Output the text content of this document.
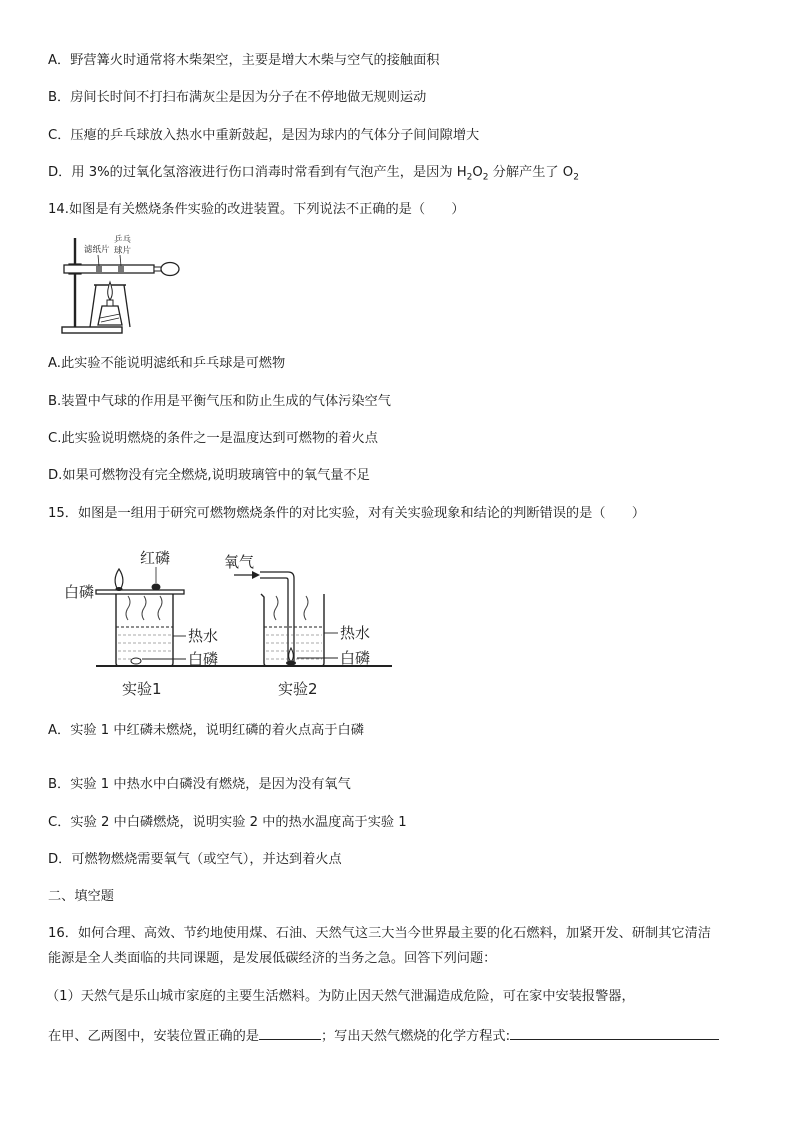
A．野营篝火时通常将木柴架空，主要是增大木柴与空气的接触面积
B．房间长时间不打扫布满灰尘是因为分子在不停地做无规则运动
C．压瘪的乒乓球放入热水中重新鼓起，是因为球内的气体分子间间隙增大
D．用 3%的过氧化氢溶液进行伤口消毒时常看到有气泡产生，是因为 $H_2O_2$ 分解产生了 $O_2$
14.如图是有关燃烧条件实验的改进装置。下列说法不正确的是（　　）
滤纸片
乒乓
球片
A.此实验不能说明滤纸和乒乓球是可燃物
B.装置中气球的作用是平衡气压和防止生成的气体污染空气
C.此实验说明燃烧的条件之一是温度达到可燃物的着火点
D.如果可燃物没有完全燃烧,说明玻璃管中的氧气量不足
15．如图是一组用于研究可燃物燃烧条件的对比实验，对有关实验现象和结论的判断错误的是（　　）
白磷
红磷
热水
白磷
实验1
氧气
热水
白磷
实验2
A．实验 1 中红磷未燃烧，说明红磷的着火点高于白磷
B．实验 1 中热水中白磷没有燃烧，是因为没有氧气
C．实验 2 中白磷燃烧，说明实验 2 中的热水温度高于实验 1
D．可燃物燃烧需要氧气（或空气），并达到着火点
二、填空题
16．如何合理、高效、节约地使用煤、石油、天然气这三大当今世界最主要的化石燃料，加紧开发、研制其它清洁
能源是全人类面临的共同课题，是发展低碳经济的当务之急。回答下列问题：
（1）天然气是乐山城市家庭的主要生活燃料。为防止因天然气泄漏造成危险，可在家中安装报警器，
在甲、乙两图中，安装位置正确的是	；写出天然气燃烧的化学方程式:
